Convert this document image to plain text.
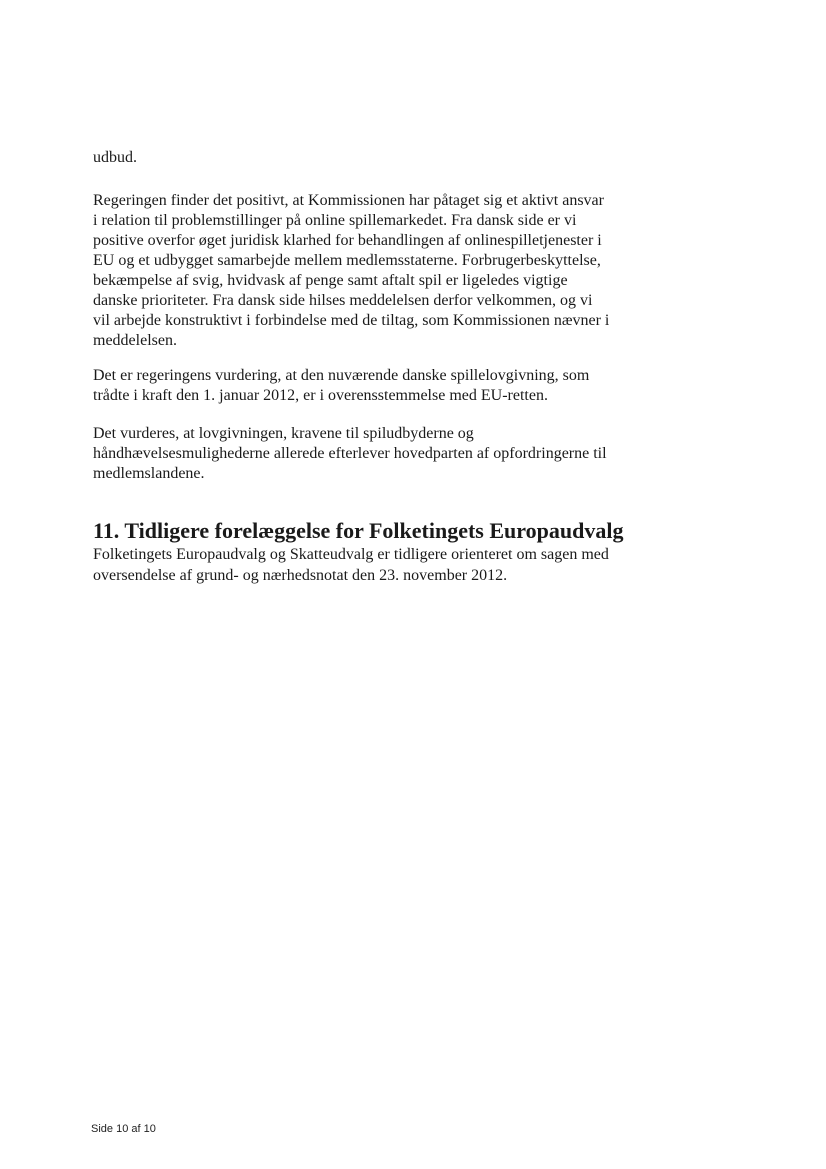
udbud.
Regeringen finder det positivt, at Kommissionen har påtaget sig et aktivt ansvar
i relation til problemstillinger på online spillemarkedet. Fra dansk side er vi
positive overfor øget juridisk klarhed for behandlingen af onlinespilletjenester i
EU og et udbygget samarbejde mellem medlemsstaterne. Forbrugerbeskyttelse,
bekæmpelse af svig, hvidvask af penge samt aftalt spil er ligeledes vigtige
danske prioriteter. Fra dansk side hilses meddelelsen derfor velkommen, og vi
vil arbejde konstruktivt i forbindelse med de tiltag, som Kommissionen nævner i
meddelelsen.
Det er regeringens vurdering, at den nuværende danske spillelovgivning, som
trådte i kraft den 1. januar 2012, er i overensstemmelse med EU-retten.
Det vurderes, at lovgivningen, kravene til spiludbyderne og
håndhævelsesmulighederne allerede efterlever hovedparten af opfordringerne til
medlemslandene.
11. Tidligere forelæggelse for Folketingets Europaudvalg
Folketingets Europaudvalg og Skatteudvalg er tidligere orienteret om sagen med
oversendelse af grund- og nærhedsnotat den 23. november 2012.
Side 10 af 10
